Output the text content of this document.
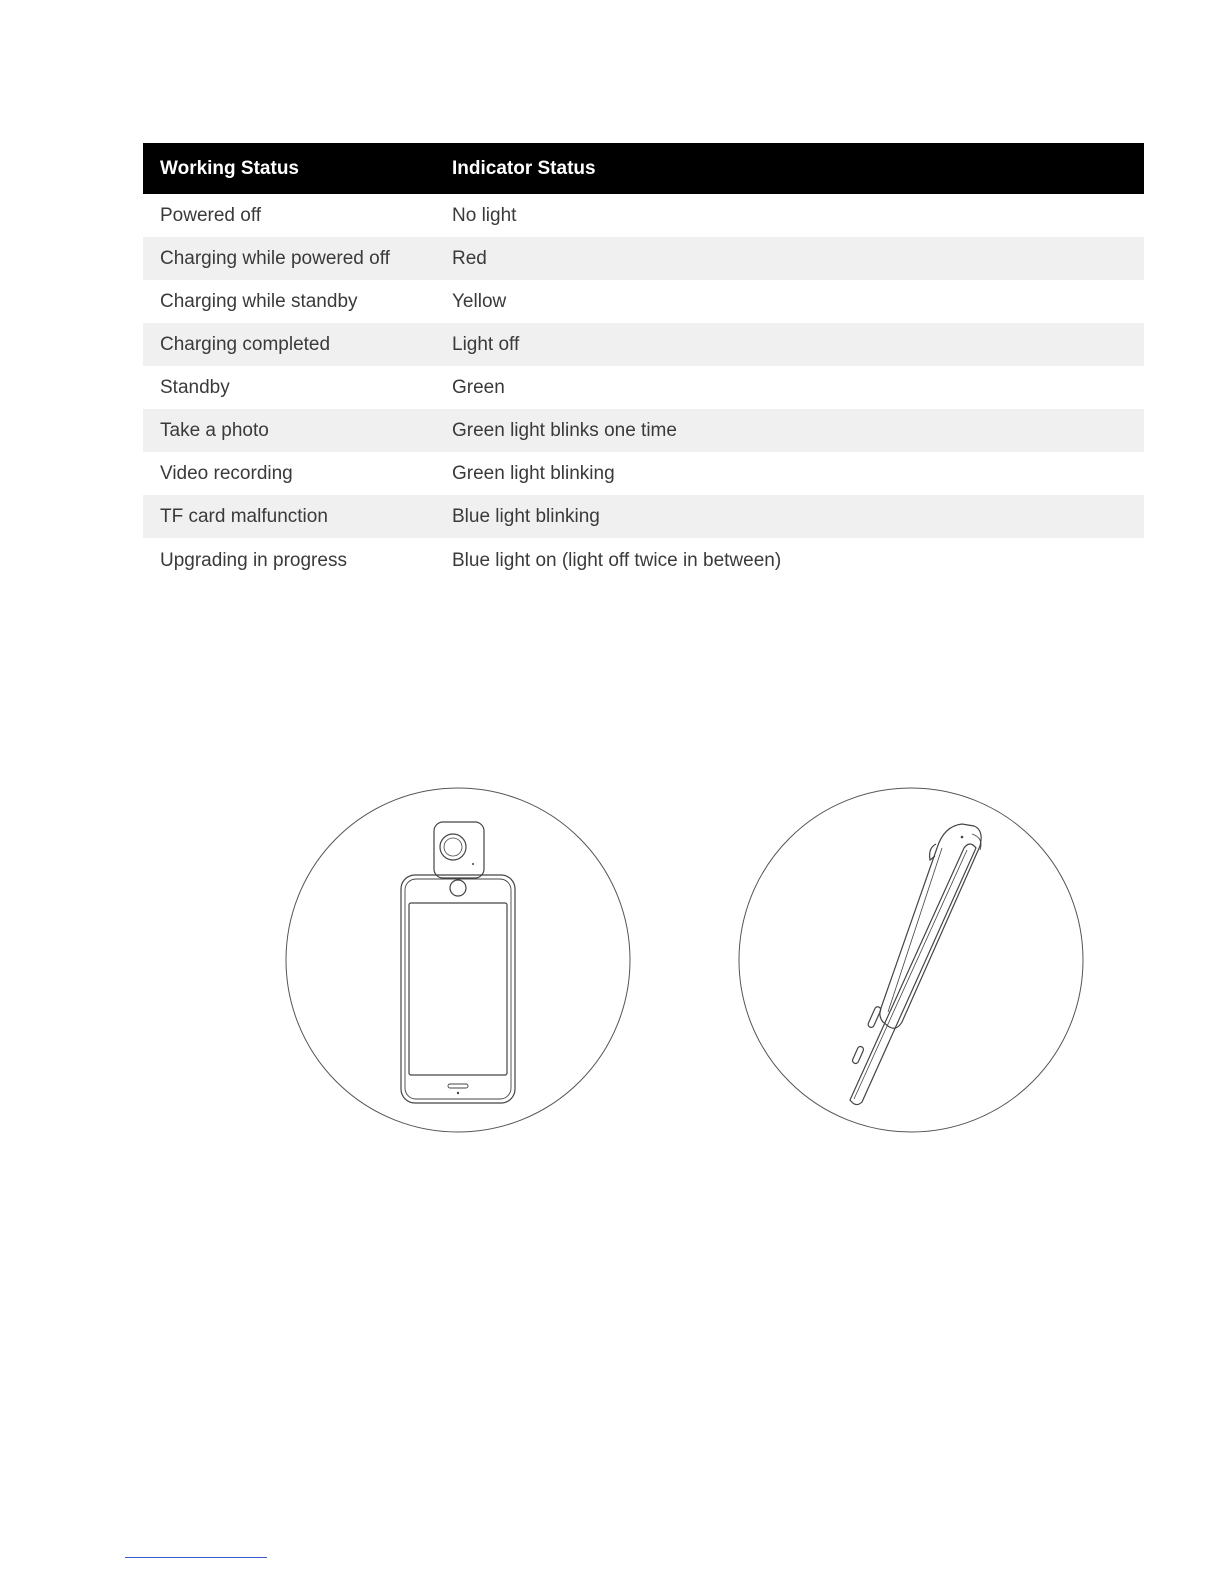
Working Status	Indicator Status
Powered off	No light
Charging while powered off	Red
Charging while standby	Yellow
Charging completed	Light off
Standby	Green
Take a photo	Green light blinks one time
Video recording	Green light blinking
TF card malfunction	Blue light blinking
Upgrading in progress	Blue light on (light off twice in between)
